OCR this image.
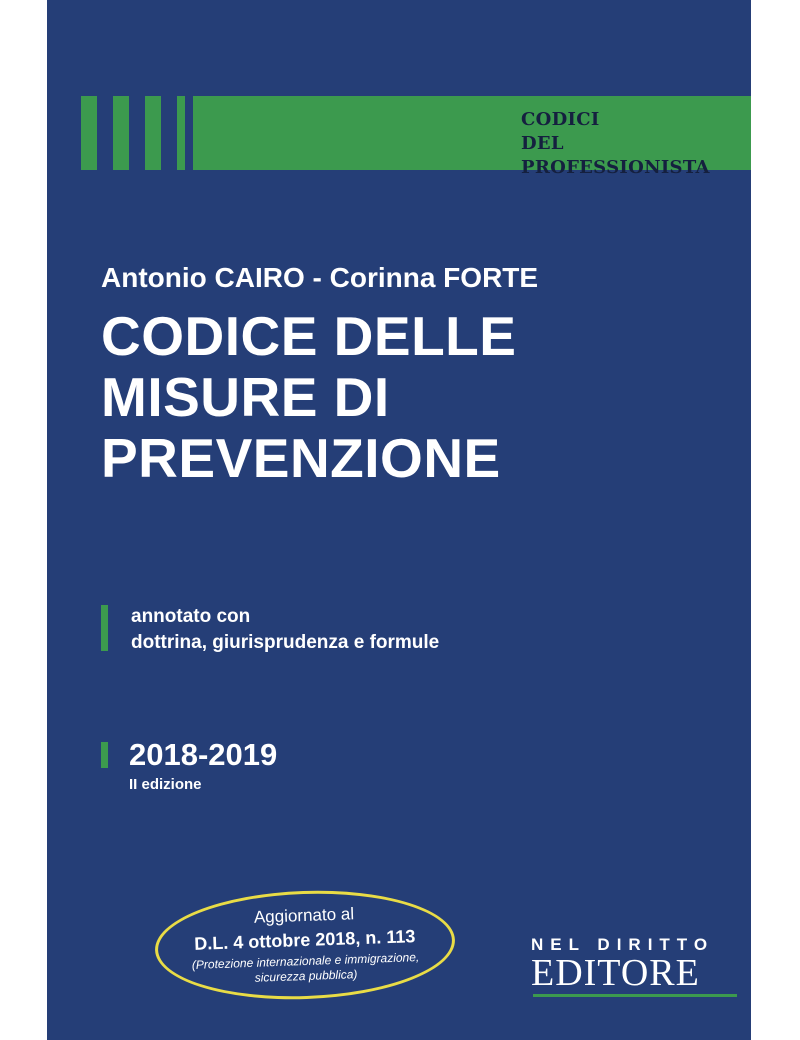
CODICI
DEL PROFESSIONISTA
Antonio CAIRO - Corinna FORTE
CODICE DELLE
MISURE DI
PREVENZIONE
annotato con
dottrina, giurisprudenza e formule
2018-2019
II edizione
Aggiornato al
D.L. 4 ottobre 2018, n. 113
(Protezione internazionale e immigrazione,
sicurezza pubblica)
NEL DIRITTO
EDITORE
